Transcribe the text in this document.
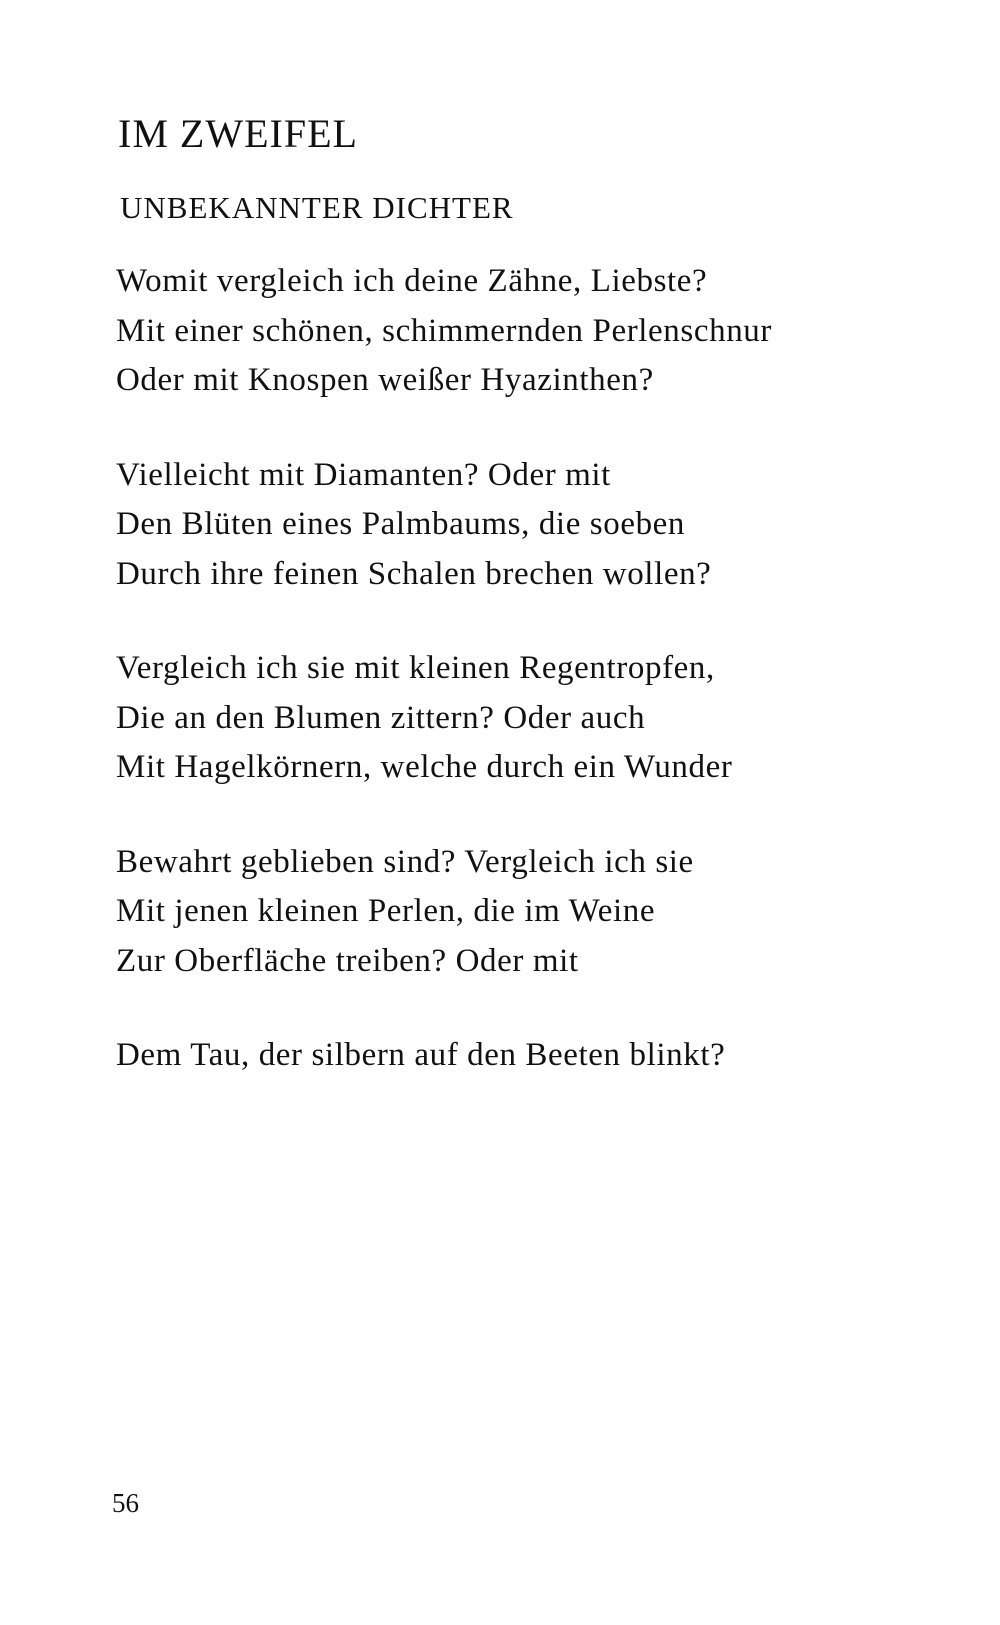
IM ZWEIFEL
UNBEKANNTER DICHTER
Womit vergleich ich deine Zähne, Liebste?
Mit einer schönen, schimmernden Perlenschnur
Oder mit Knospen weißer Hyazinthen?
Vielleicht mit Diamanten? Oder mit
Den Blüten eines Palmbaums, die soeben
Durch ihre feinen Schalen brechen wollen?
Vergleich ich sie mit kleinen Regentropfen,
Die an den Blumen zittern? Oder auch
Mit Hagelkörnern, welche durch ein Wunder
Bewahrt geblieben sind? Vergleich ich sie
Mit jenen kleinen Perlen, die im Weine
Zur Oberfläche treiben? Oder mit
Dem Tau, der silbern auf den Beeten blinkt?
56
